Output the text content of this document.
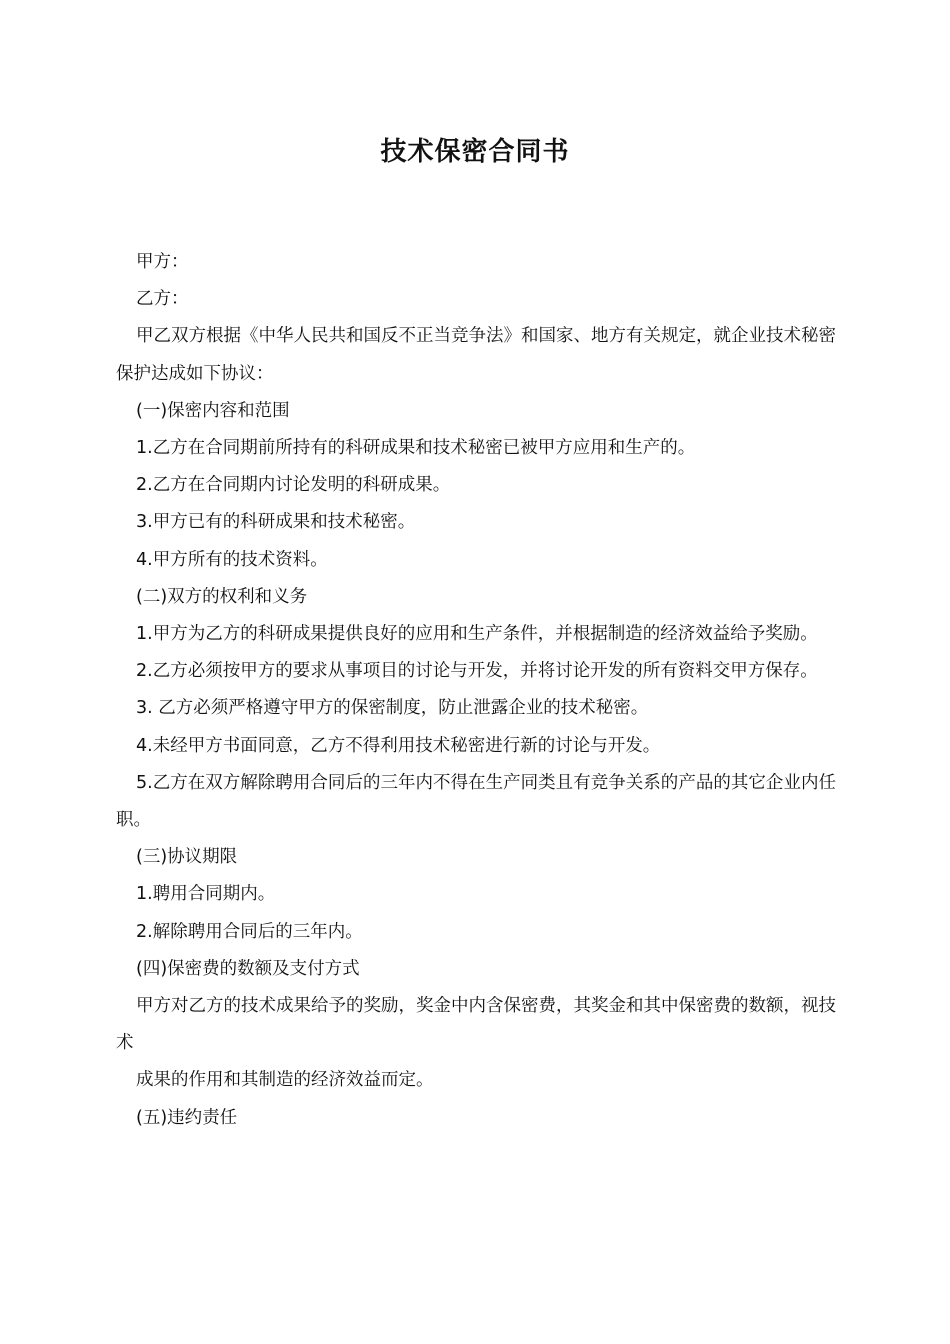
技术保密合同书

甲方：

乙方：

甲乙双方根据《中华人民共和国反不正当竞争法》和国家、地方有关规定，就企业技术秘密保护达成如下协议：

(一)保密内容和范围

1.乙方在合同期前所持有的科研成果和技术秘密已被甲方应用和生产的。

2.乙方在合同期内讨论发明的科研成果。

3.甲方已有的科研成果和技术秘密。

4.甲方所有的技术资料。

(二)双方的权利和义务

1.甲方为乙方的科研成果提供良好的应用和生产条件，并根据制造的经济效益给予奖励。

2.乙方必须按甲方的要求从事项目的讨论与开发，并将讨论开发的所有资料交甲方保存。

3. 乙方必须严格遵守甲方的保密制度，防止泄露企业的技术秘密。

4.未经甲方书面同意，乙方不得利用技术秘密进行新的讨论与开发。

5.乙方在双方解除聘用合同后的三年内不得在生产同类且有竞争关系的产品的其它企业内任职。

(三)协议期限

1.聘用合同期内。

2.解除聘用合同后的三年内。

(四)保密费的数额及支付方式

甲方对乙方的技术成果给予的奖励，奖金中内含保密费，其奖金和其中保密费的数额，视技术

成果的作用和其制造的经济效益而定。

(五)违约责任
